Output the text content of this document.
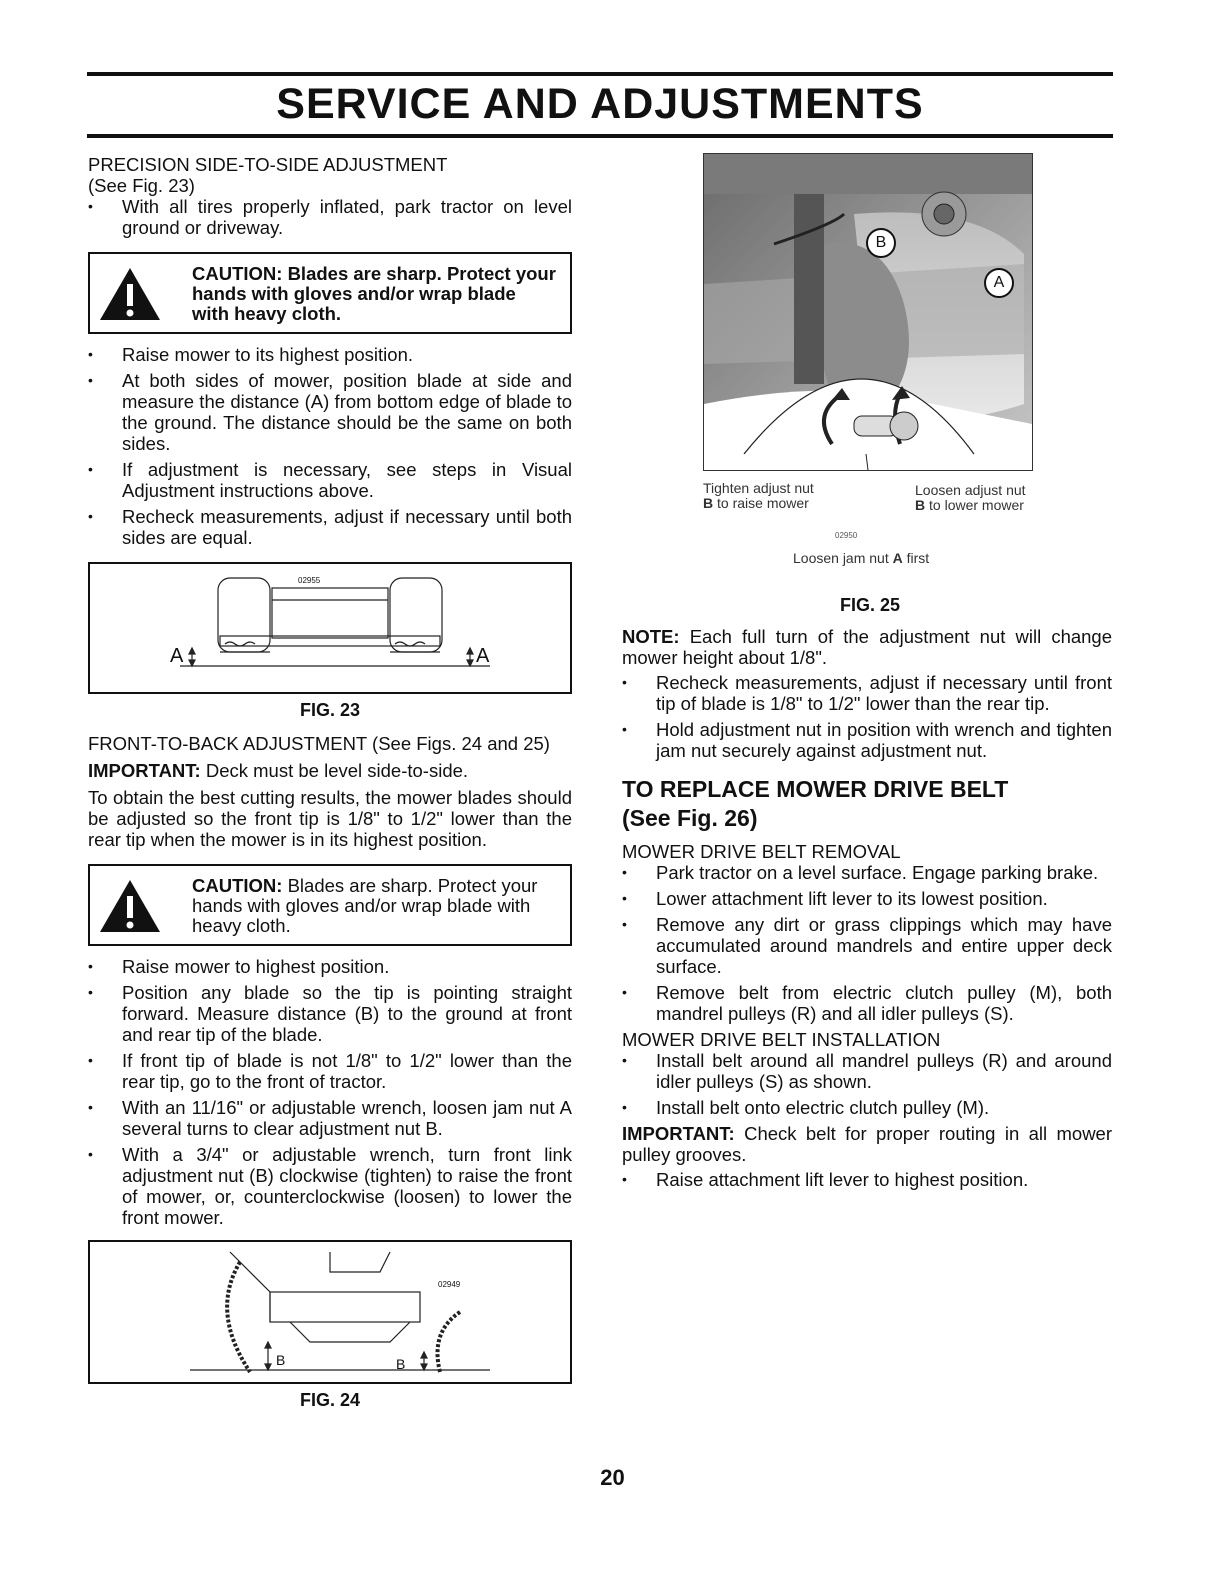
SERVICE AND ADJUSTMENTS
PRECISION SIDE-TO-SIDE ADJUSTMENT
(See Fig. 23)
• With all tires properly inflated, park tractor on level ground or driveway.
CAUTION: Blades are sharp. Protect your hands with gloves and/or wrap blade with heavy cloth.
• Raise mower to its highest position.
• At both sides of mower, position blade at side and measure the distance (A) from bottom edge of blade to the ground. The distance should be the same on both sides.
• If adjustment is necessary, see steps in Visual Adjustment instructions above.
• Recheck measurements, adjust if necessary until both sides are equal.
A	A
02955
FIG. 23
FRONT-TO-BACK ADJUSTMENT (See Figs. 24 and 25)
IMPORTANT: Deck must be level side-to-side.
To obtain the best cutting results, the mower blades should be adjusted so the front tip is 1/8" to 1/2" lower than the rear tip when the mower is in its highest position.
CAUTION: Blades are sharp. Protect your hands with gloves and/or wrap blade with heavy cloth.
• Raise mower to highest position.
• Position any blade so the tip is pointing straight forward. Measure distance (B) to the ground at front and rear tip of the blade.
• If front tip of blade is not 1/8" to 1/2" lower than the rear tip, go to the front of tractor.
• With an 11/16" or adjustable wrench, loosen jam nut A several turns to clear adjustment nut B.
• With a 3/4" or adjustable wrench, turn front link adjustment nut (B) clockwise (tighten) to raise the front of mower, or, counterclockwise (loosen) to lower the front mower.
B	B
02949
FIG. 24
B
A
02949
Tighten adjust nut
B to raise mower
Loosen adjust nut
B to lower mower
02950
Loosen jam nut A first
FIG. 25
NOTE: Each full turn of the adjustment nut will change mower height about 1/8".
• Recheck measurements, adjust if necessary until front tip of blade is 1/8" to 1/2" lower than the rear tip.
• Hold adjustment nut in position with wrench and tighten jam nut securely against adjustment nut.
TO REPLACE MOWER DRIVE BELT
(See Fig. 26)
MOWER DRIVE BELT REMOVAL
• Park tractor on a level surface. Engage parking brake.
• Lower attachment lift lever to its lowest position.
• Remove any dirt or grass clippings which may have accumulated around mandrels and entire upper deck surface.
• Remove belt from electric clutch pulley (M), both mandrel pulleys (R) and all idler pulleys (S).
MOWER DRIVE BELT INSTALLATION
• Install belt around all mandrel pulleys (R) and around idler pulleys (S) as shown.
• Install belt onto electric clutch pulley (M).
IMPORTANT: Check belt for proper routing in all mower pulley grooves.
• Raise attachment lift lever to highest position.
20
